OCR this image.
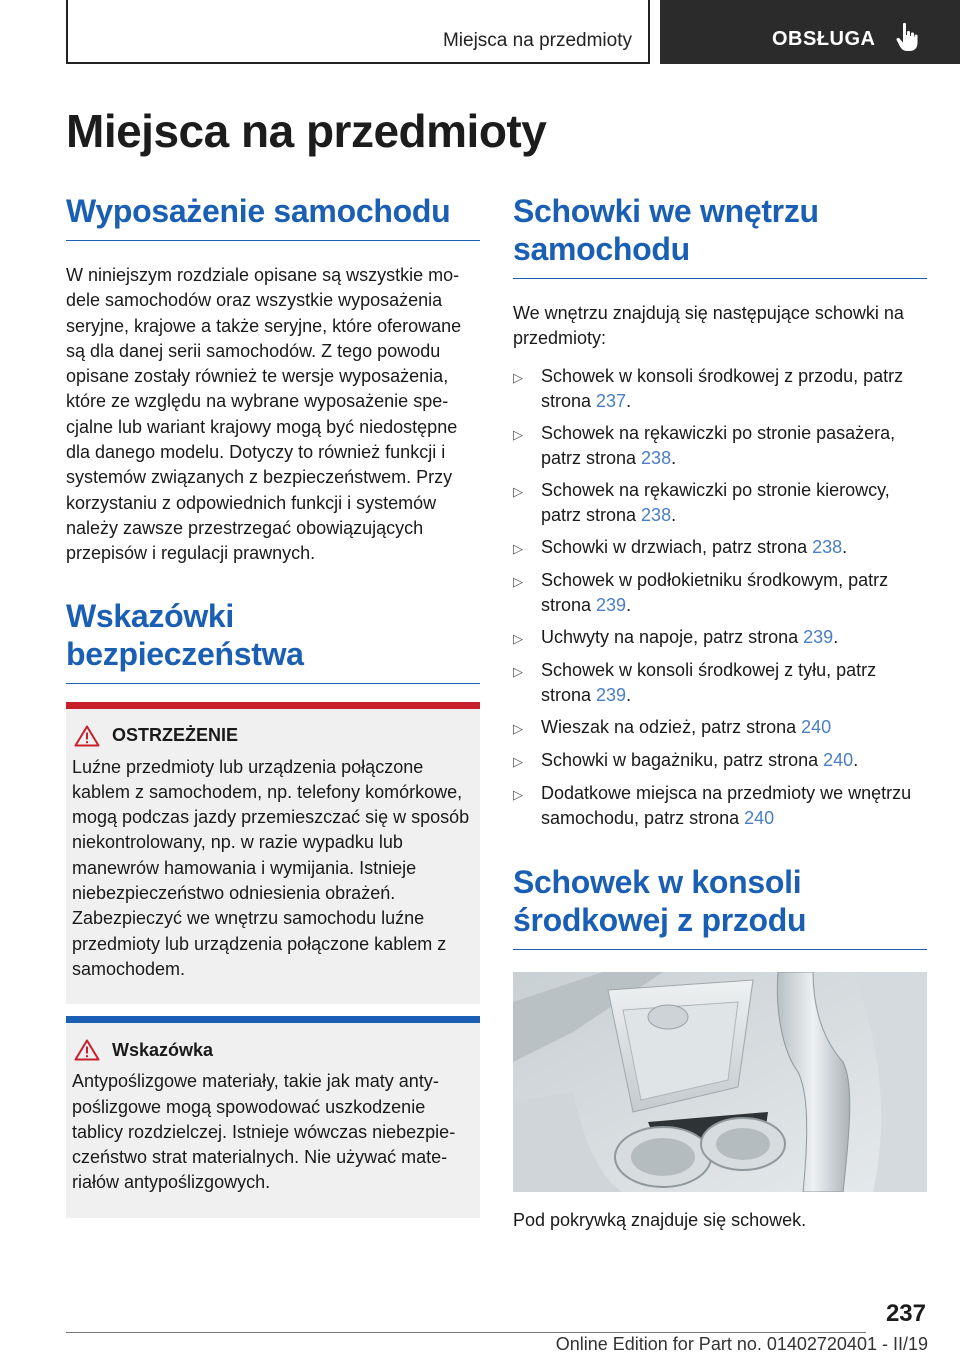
Miejsca na przedmioty	OBSŁUGA
Miejsca na przedmioty
Wyposażenie samochodu

W niniejszym rozdziale opisane są wszystkie modele samochodów oraz wszystkie wyposażenia seryjne, krajowe a także seryjne, które oferowane są dla danej serii samochodów. Z tego powodu opisane zostały również te wersje wyposażenia, które ze względu na wybrane wyposażenie specjalne lub wariant krajowy mogą być niedostępne dla danego modelu. Dotyczy to również funkcji i systemów związanych z bezpieczeństwem. Przy korzystaniu z odpowiednich funkcji i systemów należy zawsze przestrzegać obowiązujących przepisów i regulacji prawnych.

Wskazówki bezpieczeństwa
OSTRZEŻENIE

Luźne przedmioty lub urządzenia połączone kablem z samochodem, np. telefony komórkowe, mogą podczas jazdy przemieszczać się w sposób niekontrolowany, np. w razie wypadku lub manewrów hamowania i wymijania. Istnieje niebezpieczeństwo odniesienia obrażeń. Zabezpieczyć we wnętrzu samochodu luźne przedmioty lub urządzenia połączone kablem z samochodem.

Wskazówka

Antypoślizgowe materiały, takie jak maty antypoślizgowe mogą spowodować uszkodzenie tablicy rozdzielczej. Istnieje wówczas niebezpieczeństwo strat materialnych. Nie używać materiałów antypoślizgowych.

Schowki we wnętrzu samochodu

We wnętrzu znajdują się następujące schowki na przedmioty:

▷	Schowek w konsoli środkowej z przodu, patrz strona 237.
▷	Schowek na rękawiczki po stronie pasażera, patrz strona 238.
▷	Schowek na rękawiczki po stronie kierowcy, patrz strona 238.
▷	Schowki w drzwiach, patrz strona 238.
▷	Schowek w podłokietniku środkowym, patrz strona 239.
▷	Uchwyty na napoje, patrz strona 239.
▷	Schowek w konsoli środkowej z tyłu, patrz strona 239.
▷	Wieszak na odzież, patrz strona 240
▷	Schowki w bagażniku, patrz strona 240.
▷	Dodatkowe miejsca na przedmioty we wnętrzu samochodu, patrz strona 240
Schowek w konsoli środkowej z przodu

Pod pokrywką znajduje się schowek.

237
Online Edition for Part no. 01402720401 - II/19
